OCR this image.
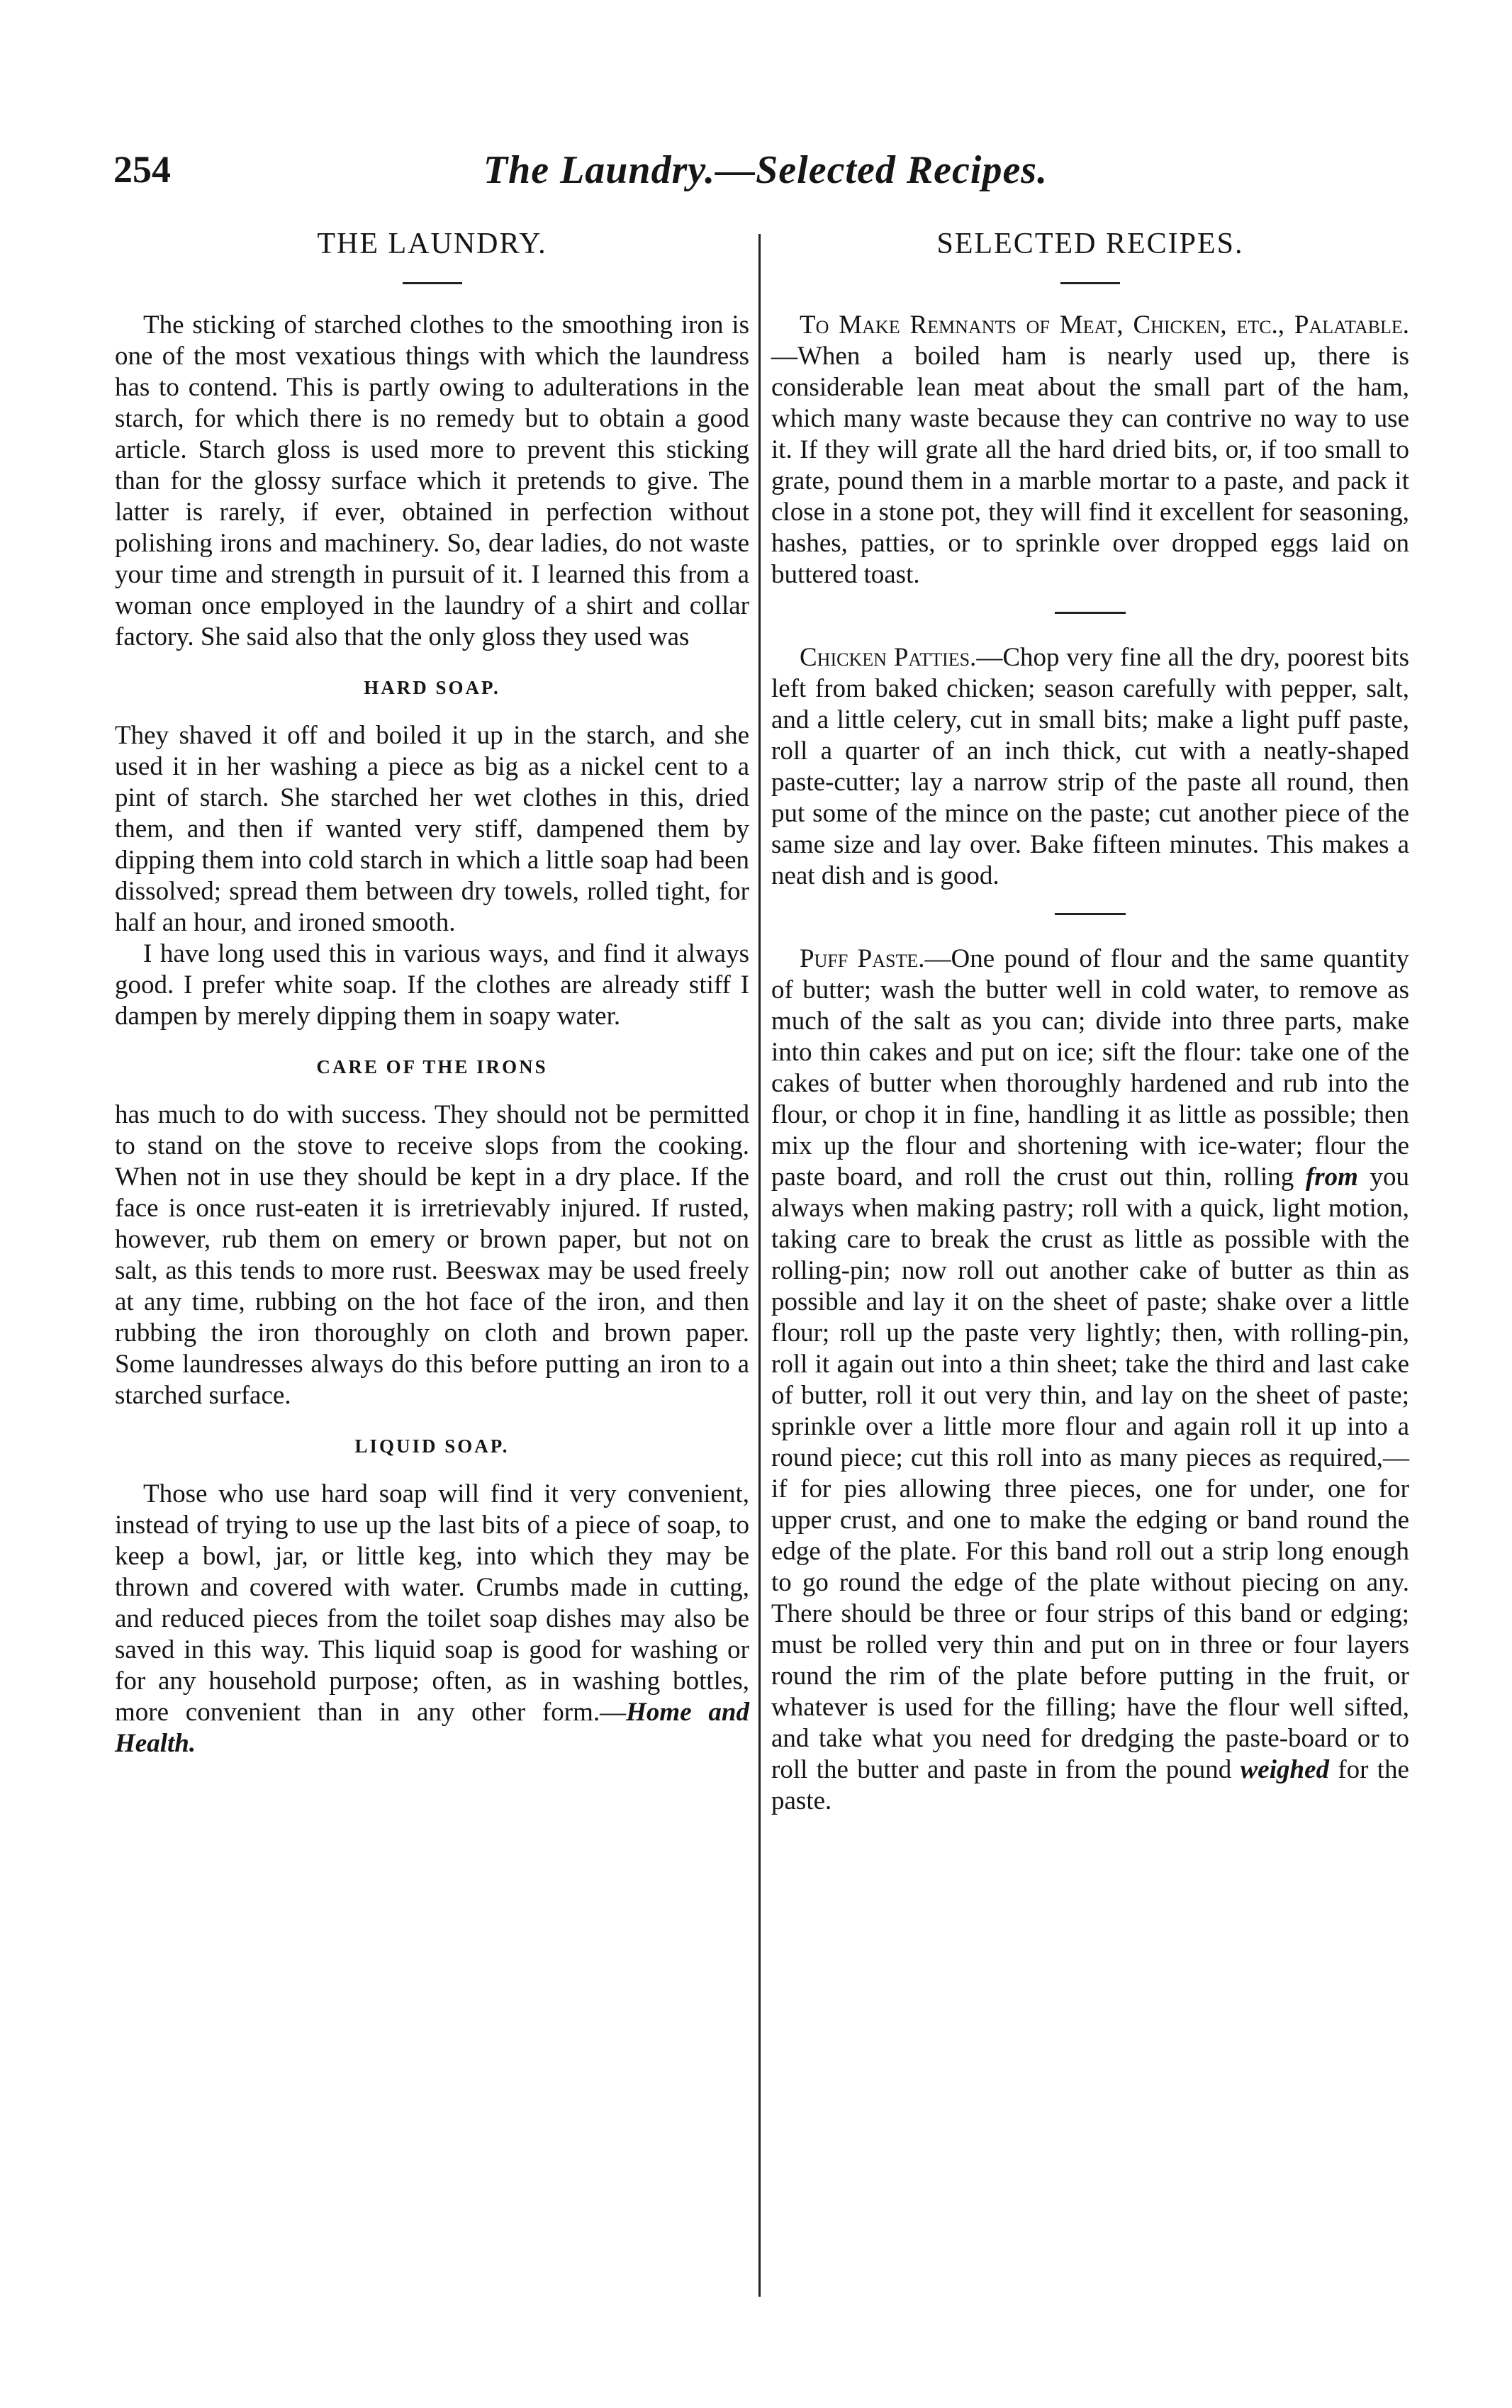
254	The Laundry.—Selected Recipes.
THE LAUNDRY.

The sticking of starched clothes to the smoothing iron is one of the most vexatious things with which the laundress has to contend. This is partly owing to adulterations in the starch, for which there is no remedy but to obtain a good article. Starch gloss is used more to prevent this sticking than for the glossy surface which it pretends to give. The latter is rarely, if ever, obtained in perfection without polishing irons and machinery. So, dear ladies, do not waste your time and strength in pursuit of it. I learned this from a woman once employed in the laundry of a shirt and collar factory. She said also that the only gloss they used was

HARD SOAP.

They shaved it off and boiled it up in the starch, and she used it in her washing a piece as big as a nickel cent to a pint of starch. She starched her wet clothes in this, dried them, and then if wanted very stiff, dampened them by dipping them into cold starch in which a little soap had been dissolved; spread them between dry towels, rolled tight, for half an hour, and ironed smooth.

I have long used this in various ways, and find it always good. I prefer white soap. If the clothes are already stiff I dampen by merely dipping them in soapy water.

CARE OF THE IRONS

has much to do with success. They should not be permitted to stand on the stove to receive slops from the cooking. When not in use they should be kept in a dry place. If the face is once rust-eaten it is irretrievably injured. If rusted, however, rub them on emery or brown paper, but not on salt, as this tends to more rust. Beeswax may be used freely at any time, rubbing on the hot face of the iron, and then rubbing the iron thoroughly on cloth and brown paper. Some laundresses always do this before putting an iron to a starched surface.

LIQUID SOAP.

Those who use hard soap will find it very convenient, instead of trying to use up the last bits of a piece of soap, to keep a bowl, jar, or little keg, into which they may be thrown and covered with water. Crumbs made in cutting, and reduced pieces from the toilet soap dishes may also be saved in this way. This liquid soap is good for washing or for any household purpose; often, as in washing bottles, more convenient than in any other form.—Home and Health.

SELECTED RECIPES.

To Make Remnants of Meat, Chicken, etc., Palatable.—When a boiled ham is nearly used up, there is considerable lean meat about the small part of the ham, which many waste because they can contrive no way to use it. If they will grate all the hard dried bits, or, if too small to grate, pound them in a marble mortar to a paste, and pack it close in a stone pot, they will find it excellent for seasoning, hashes, patties, or to sprinkle over dropped eggs laid on buttered toast.

Chicken Patties.—Chop very fine all the dry, poorest bits left from baked chicken; season carefully with pepper, salt, and a little celery, cut in small bits; make a light puff paste, roll a quarter of an inch thick, cut with a neatly-shaped paste-cutter; lay a narrow strip of the paste all round, then put some of the mince on the paste; cut another piece of the same size and lay over. Bake fifteen minutes. This makes a neat dish and is good.

Puff Paste.—One pound of flour and the same quantity of butter; wash the butter well in cold water, to remove as much of the salt as you can; divide into three parts, make into thin cakes and put on ice; sift the flour: take one of the cakes of butter when thoroughly hardened and rub into the flour, or chop it in fine, handling it as little as possible; then mix up the flour and shortening with ice-water; flour the paste board, and roll the crust out thin, rolling from you always when making pastry; roll with a quick, light motion, taking care to break the crust as little as possible with the rolling-pin; now roll out another cake of butter as thin as possible and lay it on the sheet of paste; shake over a little flour; roll up the paste very lightly; then, with rolling-pin, roll it again out into a thin sheet; take the third and last cake of butter, roll it out very thin, and lay on the sheet of paste; sprinkle over a little more flour and again roll it up into a round piece; cut this roll into as many pieces as required,—if for pies allowing three pieces, one for under, one for upper crust, and one to make the edging or band round the edge of the plate. For this band roll out a strip long enough to go round the edge of the plate without piecing on any. There should be three or four strips of this band or edging; must be rolled very thin and put on in three or four layers round the rim of the plate before putting in the fruit, or whatever is used for the filling; have the flour well sifted, and take what you need for dredging the paste-board or to roll the butter and paste in from the pound weighed for the paste.
